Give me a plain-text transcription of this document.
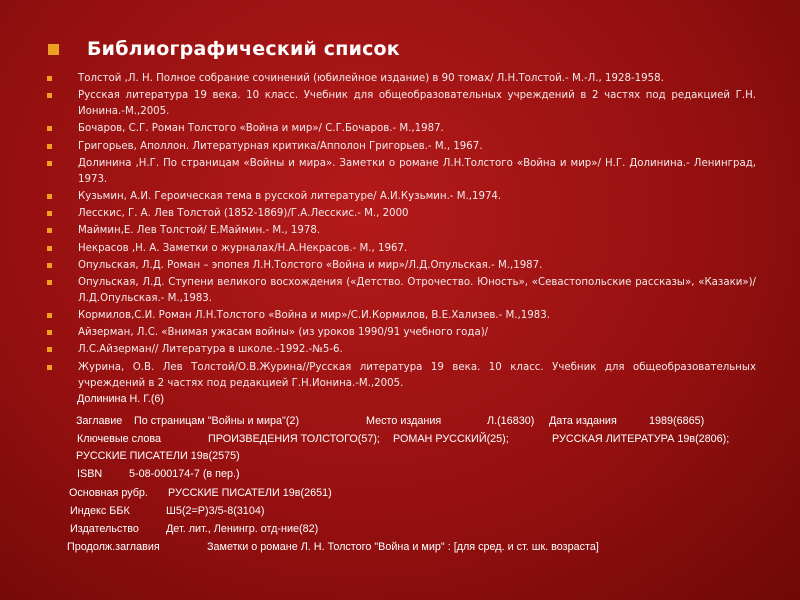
Библиографический список
Толстой ,Л. Н. Полное собрание сочинений (юбилейное издание) в 90 томах/ Л.Н.Толстой.- М.-Л., 1928-1958.
Русская литература 19 века. 10 класс. Учебник для общеобразовательных учреждений в 2 частях под редакцией Г.Н. Ионина.-М.,2005.
Бочаров, С.Г. Роман Толстого «Война и мир»/ С.Г.Бочаров.- М.,1987.
Григорьев, Аполлон. Литературная критика/Апполон Григорьев.- М., 1967.
Долинина ,Н.Г. По страницам «Войны и мира». Заметки о романе Л.Н.Толстого «Война и мир»/ Н.Г. Долинина.- Ленинград, 1973.
Кузьмин, А.И. Героическая тема в русской литературе/ А.И.Кузьмин.- М.,1974.
Лесскис, Г. А. Лев Толстой (1852-1869)/Г.А.Лесскис.- М., 2000
Маймин,Е. Лев Толстой/ Е.Маймин.- М., 1978.
Некрасов ,Н. А. Заметки о журналах/Н.А.Некрасов.- М., 1967.
Опульская, Л.Д. Роман – эпопея Л.Н.Толстого «Война и мир»/Л.Д.Опульская.- М.,1987.
Опульская, Л.Д. Ступени великого восхождения («Детство. Отрочество. Юность», «Севастопольские рассказы», «Казаки»)/ Л.Д.Опульская.- М.,1983.
Кормилов,С.И. Роман Л.Н.Толстого «Война и мир»/С.И.Кормилов, В.Е.Хализев.- М.,1983.
Айзерман, Л.С. «Внимая ужасам войны» (из уроков 1990/91 учебного года)/
Л.С.Айзерман// Литература в школе.-1992.-№5-6.
Журина, О.В. Лев Толстой/О.В.Журина//Русская литература 19 века. 10 класс. Учебник для общеобразовательных учреждений в 2 частях под редакцией Г.Н.Ионина.-М.,2005.
Долинина Н. Г.(6)
Заглавие По страницам "Войны и мира"(2)	Место издания	Л.(16830) Дата издания	1989(6865)
Ключевые слова	ПРОИЗВЕДЕНИЯ ТОЛСТОГО(57); РОМАН РУССКИЙ(25);	РУССКАЯ ЛИТЕРАТУРА 19в(2806);
РУССКИЕ ПИСАТЕЛИ 19в(2575)
ISBN 5-08-000174-7 (в пер.)
Основная рубр. РУССКИЕ ПИСАТЕЛИ 19в(2651)
Индекс ББК	Ш5(2=Р)3/5-8(3104)
Издательство	Дет. лит., Ленингр. отд-ние(82)
Продолж.заглавия	Заметки о романе Л. Н. Толстого "Война и мир" : [для сред. и ст. шк. возраста]
